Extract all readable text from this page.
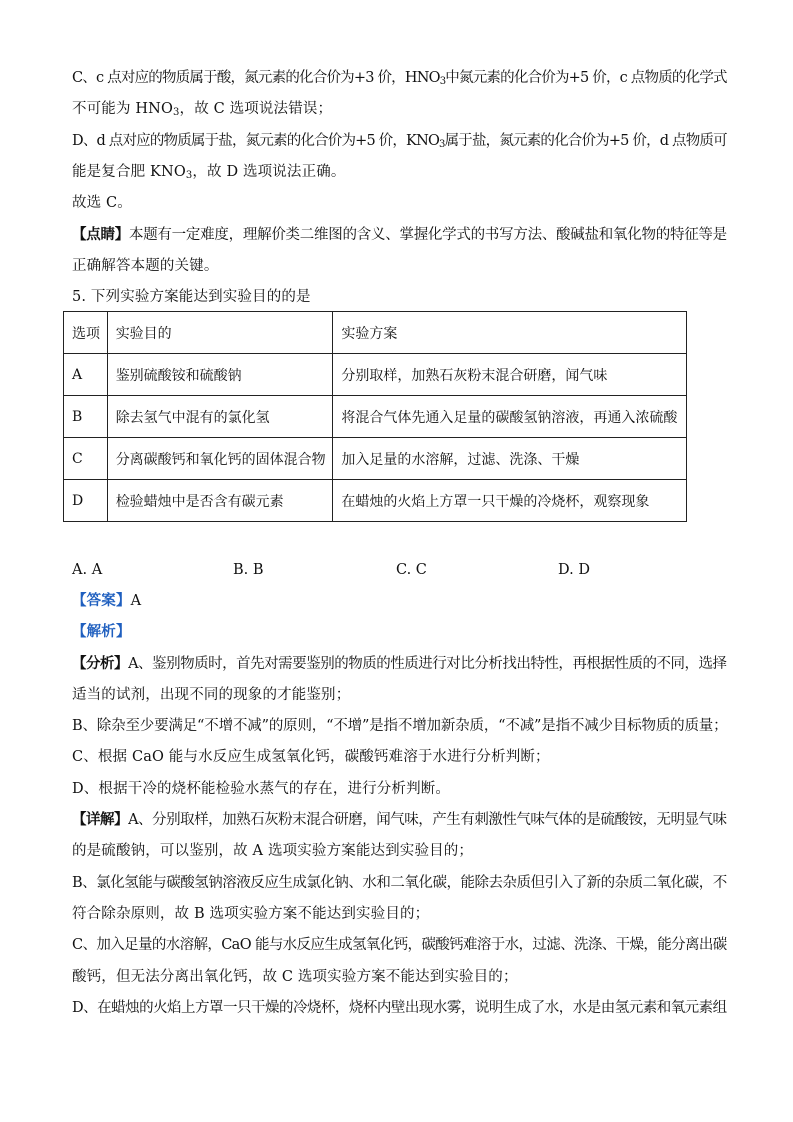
C、c 点对应的物质属于酸，氮元素的化合价为+3 价，$HNO_3$中氮元素的化合价为+5 价，c 点物质的化学式
不可能为 $HNO_3$，故 C 选项说法错误；
D、d 点对应的物质属于盐，氮元素的化合价为+5 价，$KNO_3$属于盐，氮元素的化合价为+5 价，d 点物质可
能是复合肥 $KNO_3$，故 D 选项说法正确。
故选 C。
【点睛】本题有一定难度，理解价类二维图的含义、掌握化学式的书写方法、酸碱盐和氧化物的特征等是
正确解答本题的关键。
5. 下列实验方案能达到实验目的的是
选项	实验目的	实验方案
A	鉴别硫酸铵和硫酸钠	分别取样，加熟石灰粉末混合研磨，闻气味
B	除去氢气中混有的氯化氢	将混合气体先通入足量的碳酸氢钠溶液，再通入浓硫酸
C	分离碳酸钙和氧化钙的固体混合物	加入足量的水溶解，过滤、洗涤、干燥
D	检验蜡烛中是否含有碳元素	在蜡烛的火焰上方罩一只干燥的冷烧杯，观察现象
A. A	B. B	C. C	D. D
【答案】A
【解析】
【分析】A、鉴别物质时，首先对需要鉴别的物质的性质进行对比分析找出特性，再根据性质的不同，选择
适当的试剂，出现不同的现象的才能鉴别；
B、除杂至少要满足“不增不减”的原则，“不增”是指不增加新杂质，“不减”是指不减少目标物质的质量；
C、根据 CaO 能与水反应生成氢氧化钙，碳酸钙难溶于水进行分析判断；
D、根据干冷的烧杯能检验水蒸气的存在，进行分析判断。
【详解】A、分别取样，加熟石灰粉末混合研磨，闻气味，产生有刺激性气味气体的是硫酸铵，无明显气味
的是硫酸钠，可以鉴别，故 A 选项实验方案能达到实验目的；
B、氯化氢能与碳酸氢钠溶液反应生成氯化钠、水和二氧化碳，能除去杂质但引入了新的杂质二氧化碳，不
符合除杂原则，故 B 选项实验方案不能达到实验目的；
C、加入足量的水溶解，CaO 能与水反应生成氢氧化钙，碳酸钙难溶于水，过滤、洗涤、干燥，能分离出碳
酸钙，但无法分离出氧化钙，故 C 选项实验方案不能达到实验目的；
D、在蜡烛的火焰上方罩一只干燥的冷烧杯，烧杯内壁出现水雾，说明生成了水，水是由氢元素和氧元素组
